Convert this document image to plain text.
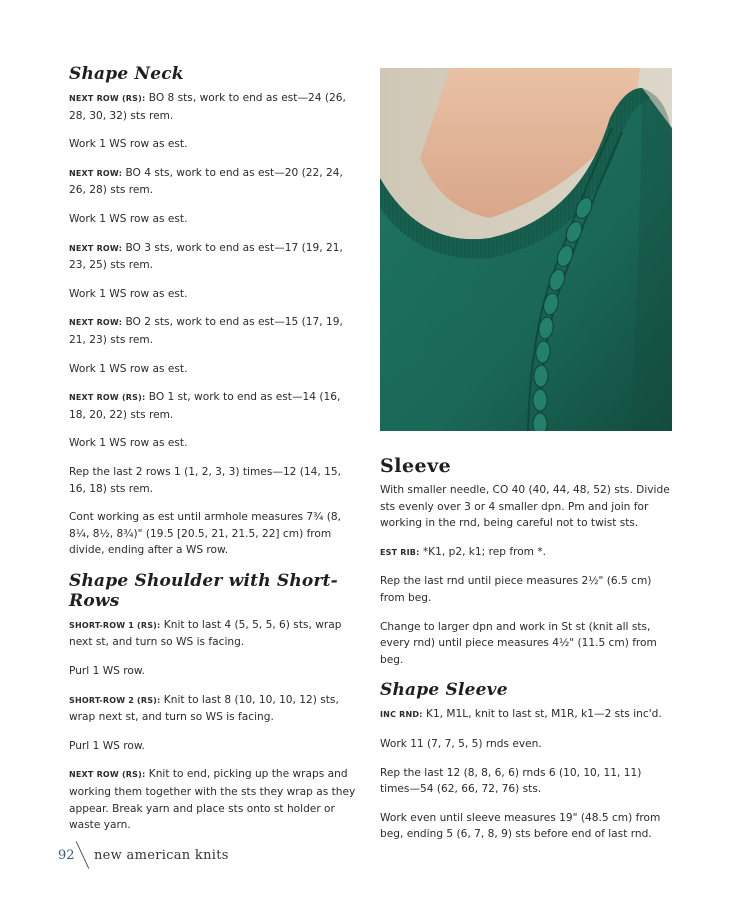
Shape Neck

NEXT ROW (RS): BO 8 sts, work to end as est—24 (26, 28, 30, 32) sts rem.

Work 1 WS row as est.

NEXT ROW: BO 4 sts, work to end as est—20 (22, 24, 26, 28) sts rem.

Work 1 WS row as est.

NEXT ROW: BO 3 sts, work to end as est—17 (19, 21, 23, 25) sts rem.

Work 1 WS row as est.

NEXT ROW: BO 2 sts, work to end as est—15 (17, 19, 21, 23) sts rem.

Work 1 WS row as est.

NEXT ROW (RS): BO 1 st, work to end as est—14 (16, 18, 20, 22) sts rem.

Work 1 WS row as est.

Rep the last 2 rows 1 (1, 2, 3, 3) times—12 (14, 15, 16, 18) sts rem.

Cont working as est until armhole measures 7¾ (8, 8¼, 8½, 8¾)" (19.5 [20.5, 21, 21.5, 22] cm) from divide, ending after a WS row.

Shape Shoulder with Short-Rows

SHORT-ROW 1 (RS): Knit to last 4 (5, 5, 5, 6) sts, wrap next st, and turn so WS is facing.

Purl 1 WS row.

SHORT-ROW 2 (RS): Knit to last 8 (10, 10, 10, 12) sts, wrap next st, and turn so WS is facing.

Purl 1 WS row.

NEXT ROW (RS): Knit to end, picking up the wraps and working them together with the sts they wrap as they appear. Break yarn and place sts onto st holder or waste yarn.

Sleeve

With smaller needle, CO 40 (40, 44, 48, 52) sts. Divide sts evenly over 3 or 4 smaller dpn. Pm and join for working in the rnd, being careful not to twist sts.

EST RIB: *K1, p2, k1; rep from *.

Rep the last rnd until piece measures 2½" (6.5 cm) from beg.

Change to larger dpn and work in St st (knit all sts, every rnd) until piece measures 4½" (11.5 cm) from beg.

Shape Sleeve

INC RND: K1, M1L, knit to last st, M1R, k1—2 sts inc'd.

Work 11 (7, 7, 5, 5) rnds even.

Rep the last 12 (8, 8, 6, 6) rnds 6 (10, 10, 11, 11) times—54 (62, 66, 72, 76) sts.

Work even until sleeve measures 19" (48.5 cm) from beg, ending 5 (6, 7, 8, 9) sts before end of last rnd.

92 new american knits
